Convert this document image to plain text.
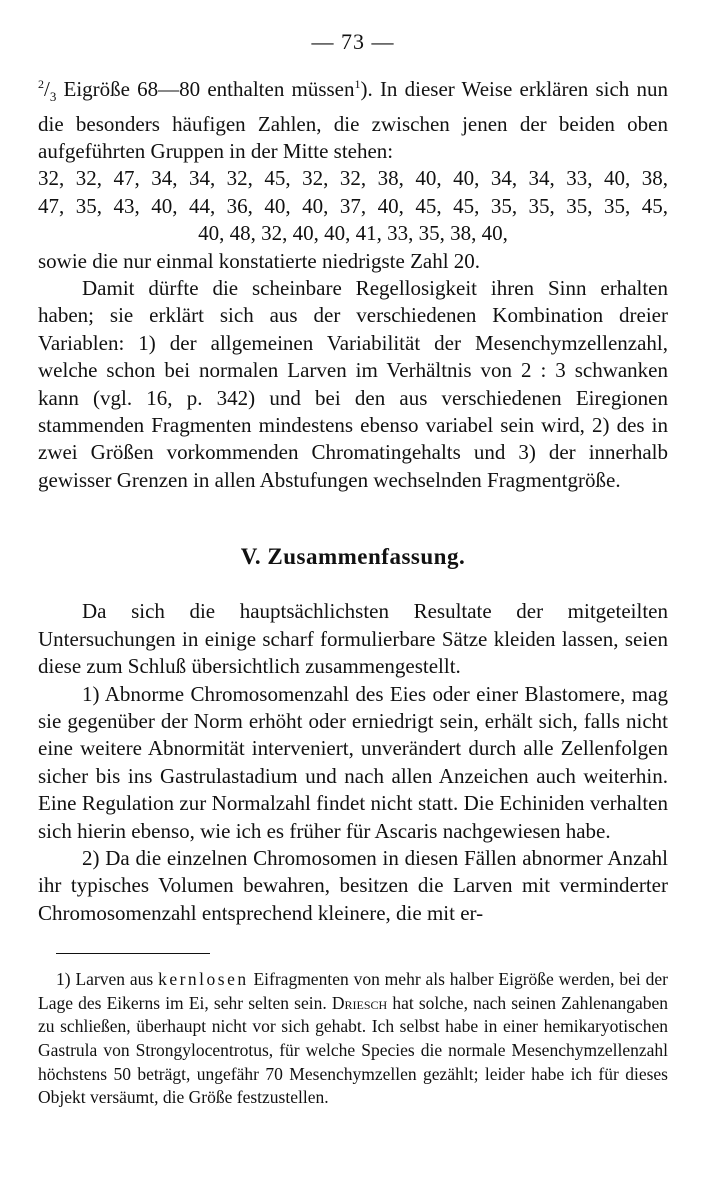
— 73 —

$^2/_3$ Eigröße 68—80 enthalten müssen$^1$). In dieser Weise erklären sich nun die besonders häufigen Zahlen, die zwischen jenen der beiden oben aufgeführten Gruppen in der Mitte stehen:

32, 32, 47, 34, 34, 32, 45, 32, 32, 38, 40, 40, 34, 34, 33, 40, 38,
47, 35, 43, 40, 44, 36, 40, 40, 37, 40, 45, 45, 35, 35, 35, 35, 45,
40, 48, 32, 40, 40, 41, 33, 35, 38, 40,

sowie die nur einmal konstatierte niedrigste Zahl 20.

Damit dürfte die scheinbare Regellosigkeit ihren Sinn erhalten haben; sie erklärt sich aus der verschiedenen Kombination dreier Variablen: 1) der allgemeinen Variabilität der Mesenchymzellenzahl, welche schon bei normalen Larven im Verhältnis von 2 : 3 schwanken kann (vgl. 16, p. 342) und bei den aus verschiedenen Eiregionen stammenden Fragmenten mindestens ebenso variabel sein wird, 2) des in zwei Größen vorkommenden Chromatingehalts und 3) der innerhalb gewisser Grenzen in allen Abstufungen wechselnden Fragmentgröße.

V. Zusammenfassung.

Da sich die hauptsächlichsten Resultate der mitgeteilten Untersuchungen in einige scharf formulierbare Sätze kleiden lassen, seien diese zum Schluß übersichtlich zusammengestellt.

1) Abnorme Chromosomenzahl des Eies oder einer Blastomere, mag sie gegenüber der Norm erhöht oder erniedrigt sein, erhält sich, falls nicht eine weitere Abnormität interveniert, unverändert durch alle Zellenfolgen sicher bis ins Gastrulastadium und nach allen Anzeichen auch weiterhin. Eine Regulation zur Normalzahl findet nicht statt. Die Echiniden verhalten sich hierin ebenso, wie ich es früher für Ascaris nachgewiesen habe.

2) Da die einzelnen Chromosomen in diesen Fällen abnormer Anzahl ihr typisches Volumen bewahren, besitzen die Larven mit verminderter Chromosomenzahl entsprechend kleinere, die mit er-

1) Larven aus kernlosen Eifragmenten von mehr als halber Eigröße werden, bei der Lage des Eikerns im Ei, sehr selten sein. Driesch hat solche, nach seinen Zahlenangaben zu schließen, überhaupt nicht vor sich gehabt. Ich selbst habe in einer hemikaryotischen Gastrula von Strongylocentrotus, für welche Species die normale Mesenchymzellenzahl höchstens 50 beträgt, ungefähr 70 Mesenchymzellen gezählt; leider habe ich für dieses Objekt versäumt, die Größe festzustellen.
